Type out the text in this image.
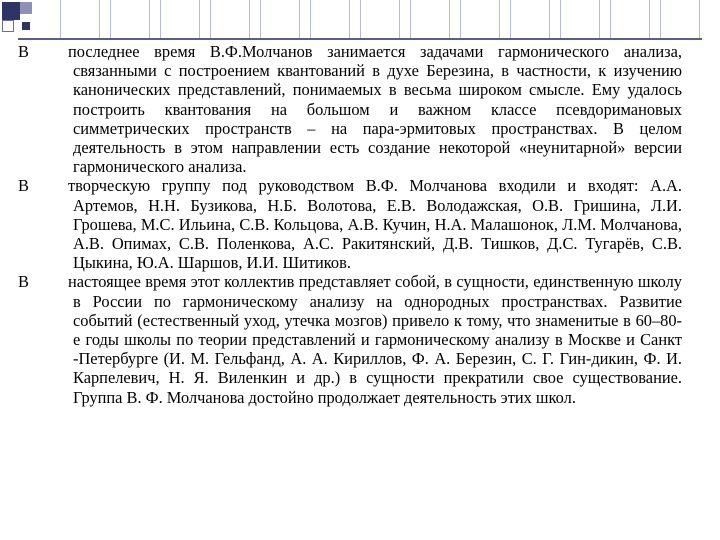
В последнее время В.Ф.Молчанов занимается задачами гармонического анализа, связанными с построением квантований в духе Березина, в частности, к изучению канонических представлений, понимаемых в весьма широком смысле. Ему удалось построить квантования на большом и важном классе псевдоримановых симметрических пространств – на пара-эрмитовых пространствах. В целом деятельность в этом направлении есть создание некоторой «неунитарной» версии гармонического анализа.

В творческую группу под руководством В.Ф. Молчанова входили и входят: А.А. Артемов, Н.Н. Бузикова, Н.Б. Волотова, Е.В. Володажская, О.В. Гришина, Л.И. Грошева, М.С. Ильина, С.В. Кольцова, А.В. Кучин, Н.А. Малашонок, Л.М. Молчанова, А.В. Опимах, С.В. Поленкова, А.С. Ракитянский, Д.В. Тишков, Д.С. Тугарёв, С.В. Цыкина, Ю.А. Шаршов, И.И. Шитиков.

В настоящее время этот коллектив представляет собой, в сущности, единственную школу в России по гармоническому анализу на однородных пространствах. Развитие событий (естественный уход, утечка мозгов) привело к тому, что знаменитые в 60–80-е годы школы по теории представлений и гармоническому анализу в Москве и Санкт -Петербурге (И. М. Гельфанд, А. А. Кириллов, Ф. А. Березин, С. Г. Гин-дикин, Ф. И. Карпелевич, Н. Я. Виленкин и др.) в сущности прекратили свое существование. Группа В. Ф. Молчанова достойно продолжает деятельность этих школ.
